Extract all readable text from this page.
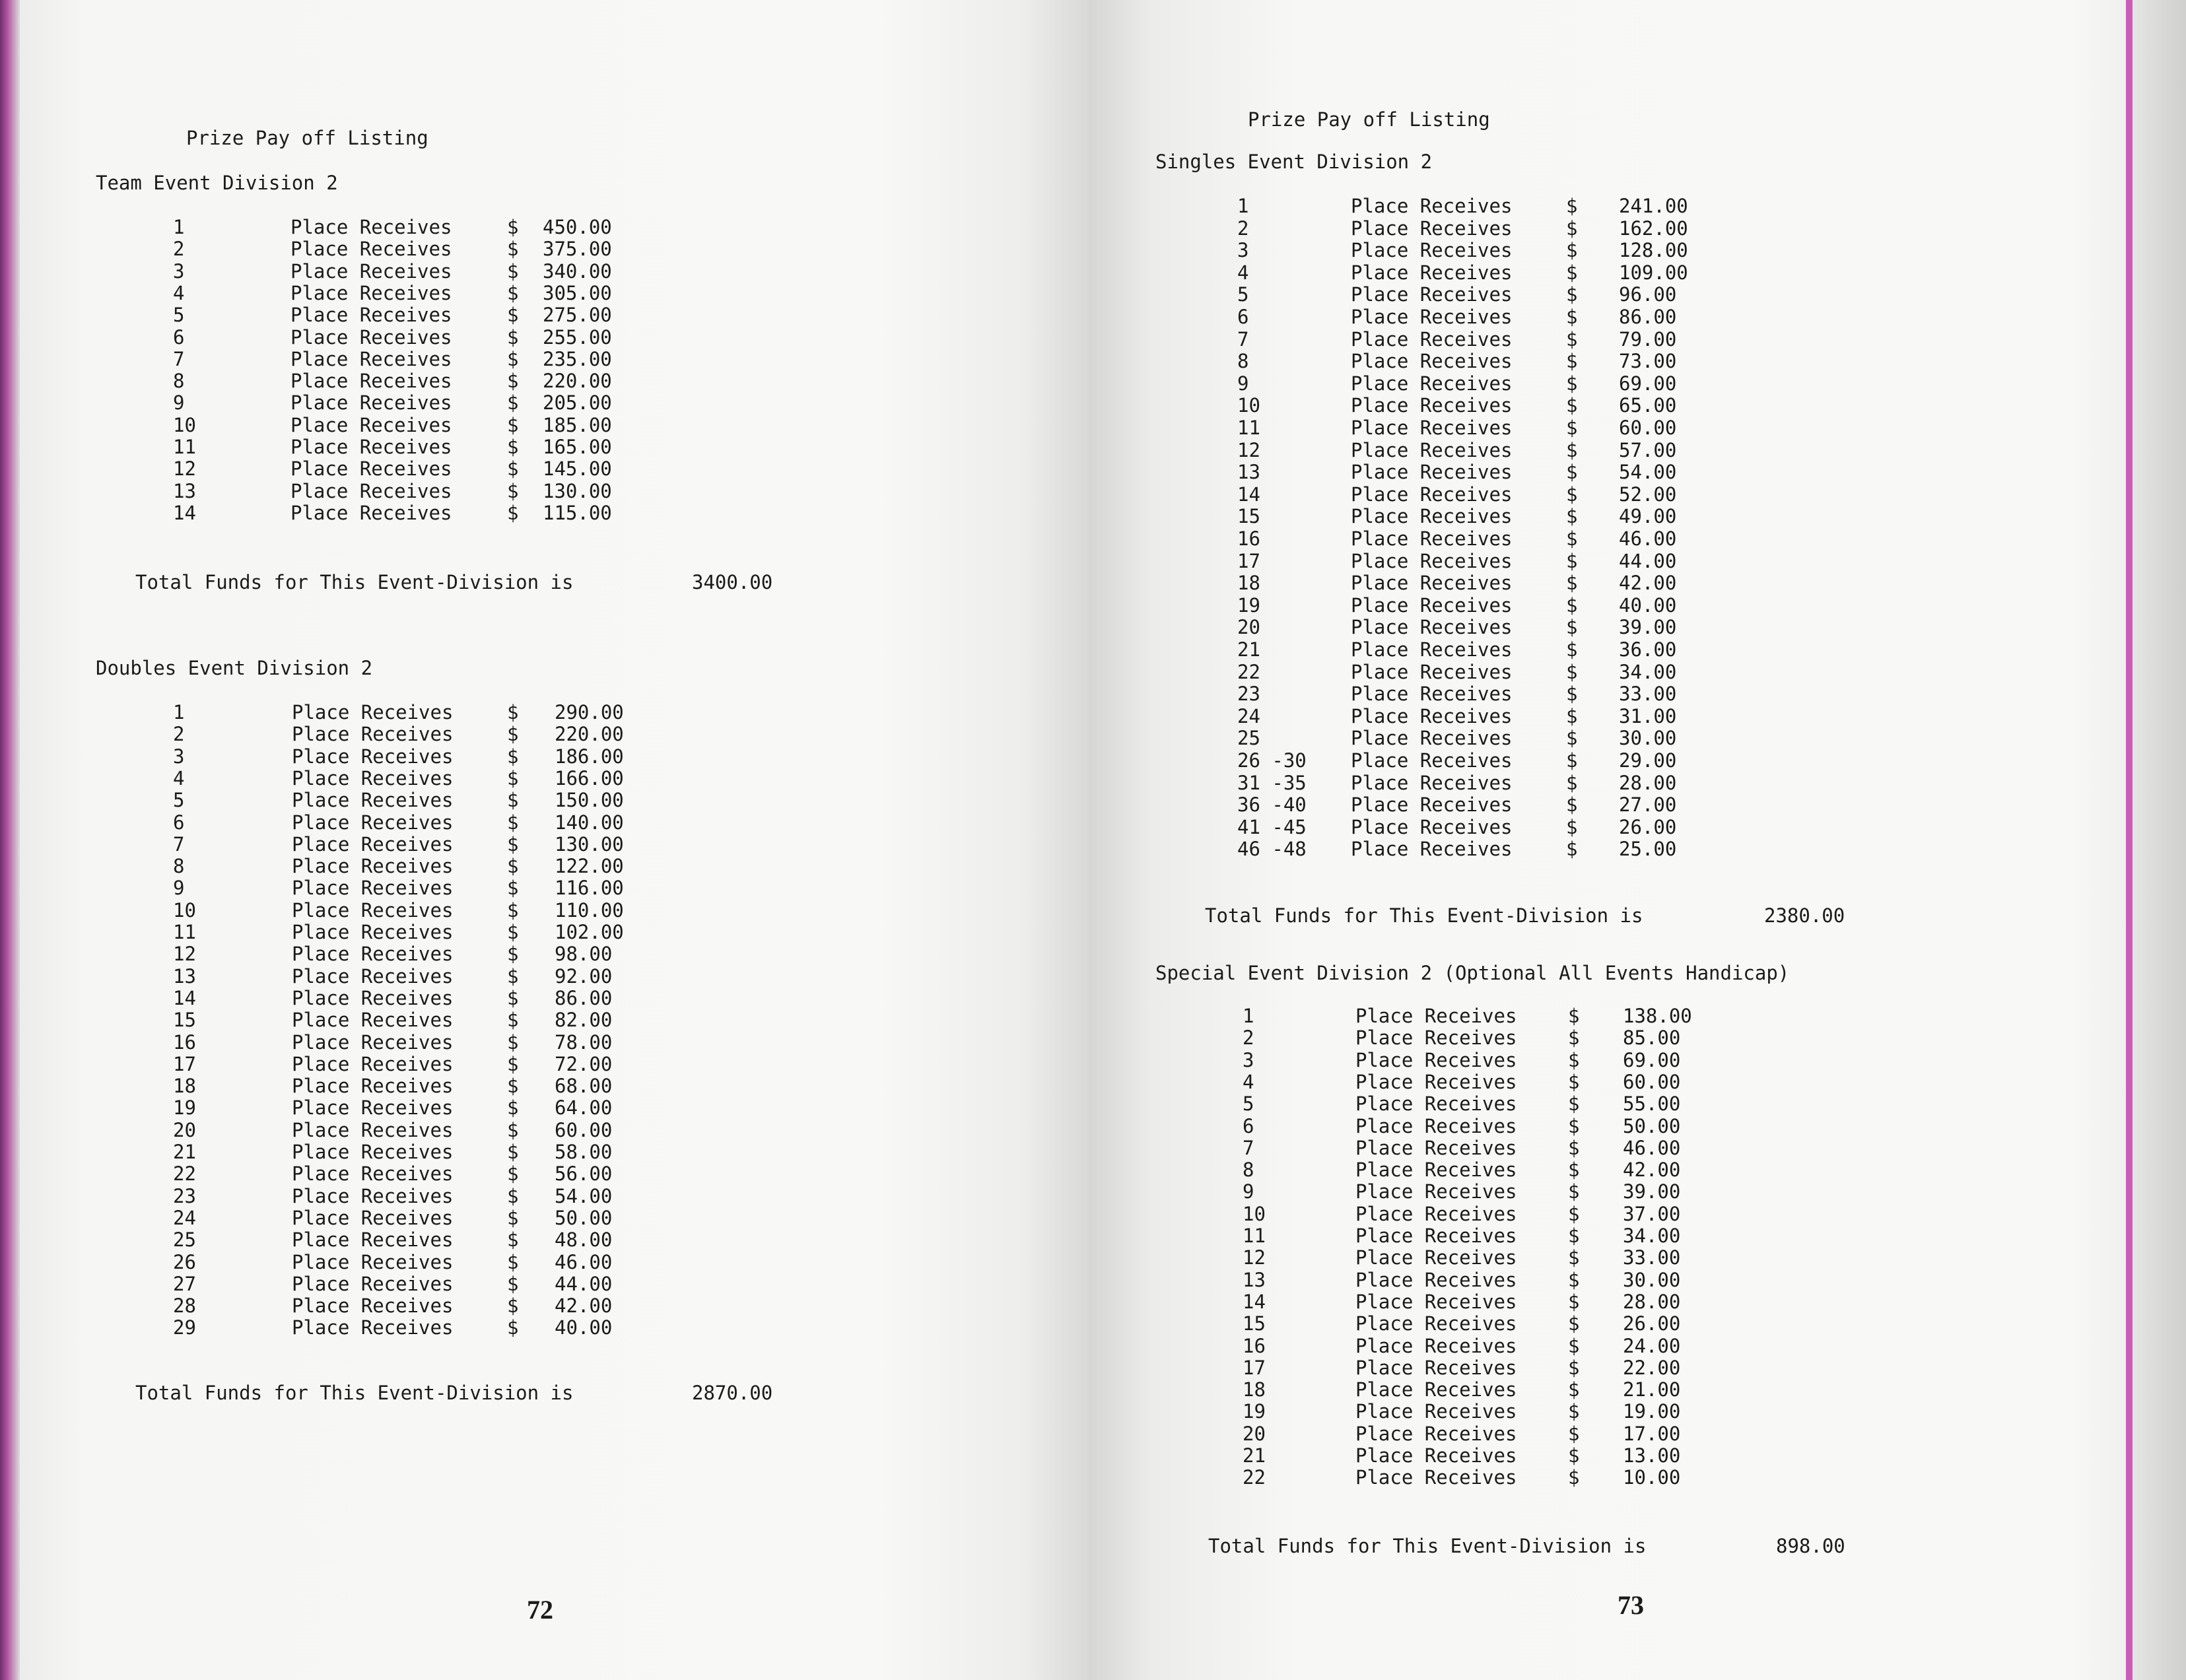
Prize Pay off Listing
Team Event Division 2
1	Place Receives	$ 450.00
2	Place Receives	$ 375.00
3	Place Receives	$ 340.00
4	Place Receives	$ 305.00
5	Place Receives	$ 275.00
6	Place Receives	$ 255.00
7	Place Receives	$ 235.00
8	Place Receives	$ 220.00
9	Place Receives	$ 205.00
10	Place Receives	$ 185.00
11	Place Receives	$ 165.00
12	Place Receives	$ 145.00
13	Place Receives	$ 130.00
14	Place Receives	$ 115.00
Total Funds for This Event-Division is	3400.00
Doubles Event Division 2
1	Place Receives	$ 290.00
2	Place Receives	$ 220.00
3	Place Receives	$ 186.00
4	Place Receives	$ 166.00
5	Place Receives	$ 150.00
6	Place Receives	$ 140.00
7	Place Receives	$ 130.00
8	Place Receives	$ 122.00
9	Place Receives	$ 116.00
10	Place Receives	$ 110.00
11	Place Receives	$ 102.00
12	Place Receives	$ 98.00
13	Place Receives	$ 92.00
14	Place Receives	$ 86.00
15	Place Receives	$ 82.00
16	Place Receives	$ 78.00
17	Place Receives	$ 72.00
18	Place Receives	$ 68.00
19	Place Receives	$ 64.00
20	Place Receives	$ 60.00
21	Place Receives	$ 58.00
22	Place Receives	$ 56.00
23	Place Receives	$ 54.00
24	Place Receives	$ 50.00
25	Place Receives	$ 48.00
26	Place Receives	$ 46.00
27	Place Receives	$ 44.00
28	Place Receives	$ 42.00
29	Place Receives	$ 40.00
Total Funds for This Event-Division is	2870.00
72
Prize Pay off Listing
Singles Event Division 2
1	Place Receives	$ 241.00
2	Place Receives	$ 162.00
3	Place Receives	$ 128.00
4	Place Receives	$ 109.00
5	Place Receives	$ 96.00
6	Place Receives	$ 86.00
7	Place Receives	$ 79.00
8	Place Receives	$ 73.00
9	Place Receives	$ 69.00
10	Place Receives	$ 65.00
11	Place Receives	$ 60.00
12	Place Receives	$ 57.00
13	Place Receives	$ 54.00
14	Place Receives	$ 52.00
15	Place Receives	$ 49.00
16	Place Receives	$ 46.00
17	Place Receives	$ 44.00
18	Place Receives	$ 42.00
19	Place Receives	$ 40.00
20	Place Receives	$ 39.00
21	Place Receives	$ 36.00
22	Place Receives	$ 34.00
23	Place Receives	$ 33.00
24	Place Receives	$ 31.00
25	Place Receives	$ 30.00
26 -30 Place Receives	$ 29.00
31 -35 Place Receives	$ 28.00
36 -40 Place Receives	$ 27.00
41 -45 Place Receives	$ 26.00
46 -48 Place Receives	$ 25.00
Total Funds for This Event-Division is	2380.00
Special Event Division 2 (Optional All Events Handicap)
1	Place Receives	$ 138.00
2	Place Receives	$ 85.00
3	Place Receives	$ 69.00
4	Place Receives	$ 60.00
5	Place Receives	$ 55.00
6	Place Receives	$ 50.00
7	Place Receives	$ 46.00
8	Place Receives	$ 42.00
9	Place Receives	$ 39.00
10	Place Receives	$ 37.00
11	Place Receives	$ 34.00
12	Place Receives	$ 33.00
13	Place Receives	$ 30.00
14	Place Receives	$ 28.00
15	Place Receives	$ 26.00
16	Place Receives	$ 24.00
17	Place Receives	$ 22.00
18	Place Receives	$ 21.00
19	Place Receives	$ 19.00
20	Place Receives	$ 17.00
21	Place Receives	$ 13.00
22	Place Receives	$ 10.00
Total Funds for This Event-Division is	898.00
73
